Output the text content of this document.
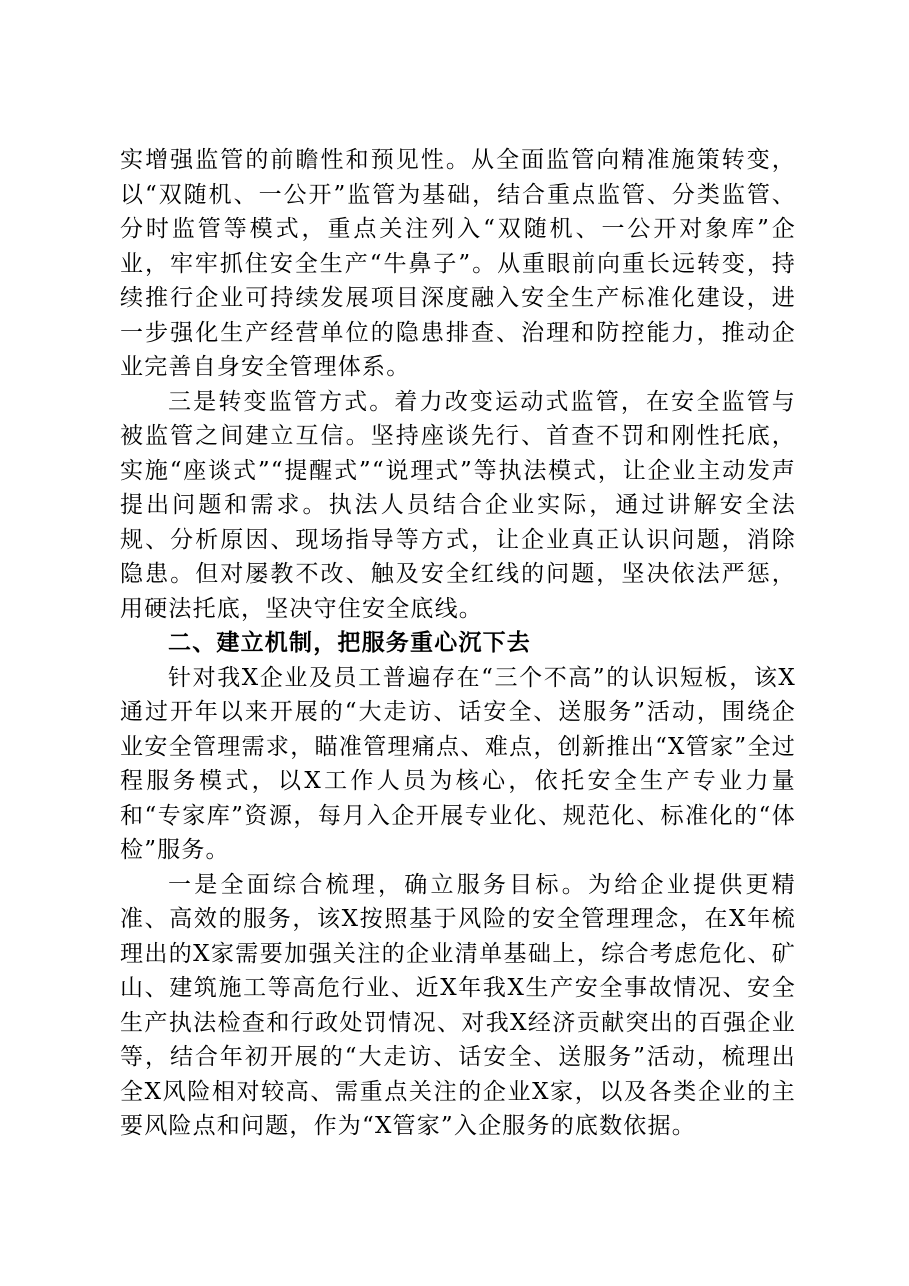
实增强监管的前瞻性和预见性。从全面监管向精准施策转变，以“双随机、一公开”监管为基础，结合重点监管、分类监管、分时监管等模式，重点关注列入“双随机、一公开对象库”企业，牢牢抓住安全生产“牛鼻子”。从重眼前向重长远转变，持续推行企业可持续发展项目深度融入安全生产标准化建设，进一步强化生产经营单位的隐患排查、治理和防控能力，推动企业完善自身安全管理体系。

三是转变监管方式。着力改变运动式监管，在安全监管与被监管之间建立互信。坚持座谈先行、首查不罚和刚性托底，实施“座谈式”“提醒式”“说理式”等执法模式，让企业主动发声提出问题和需求。执法人员结合企业实际，通过讲解安全法规、分析原因、现场指导等方式，让企业真正认识问题，消除隐患。但对屡教不改、触及安全红线的问题，坚决依法严惩，用硬法托底，坚决守住安全底线。

二、建立机制，把服务重心沉下去

针对我X企业及员工普遍存在“三个不高”的认识短板，该X通过开年以来开展的“大走访、话安全、送服务”活动，围绕企业安全管理需求，瞄准管理痛点、难点，创新推出“X管家”全过程服务模式，以X工作人员为核心，依托安全生产专业力量和“专家库”资源，每月入企开展专业化、规范化、标准化的“体检”服务。

一是全面综合梳理，确立服务目标。为给企业提供更精准、高效的服务，该X按照基于风险的安全管理理念，在X年梳理出的X家需要加强关注的企业清单基础上，综合考虑危化、矿山、建筑施工等高危行业、近X年我X生产安全事故情况、安全生产执法检查和行政处罚情况、对我X经济贡献突出的百强企业等，结合年初开展的“大走访、话安全、送服务”活动，梳理出全X风险相对较高、需重点关注的企业X家，以及各类企业的主要风险点和问题，作为“X管家”入企服务的底数依据。
